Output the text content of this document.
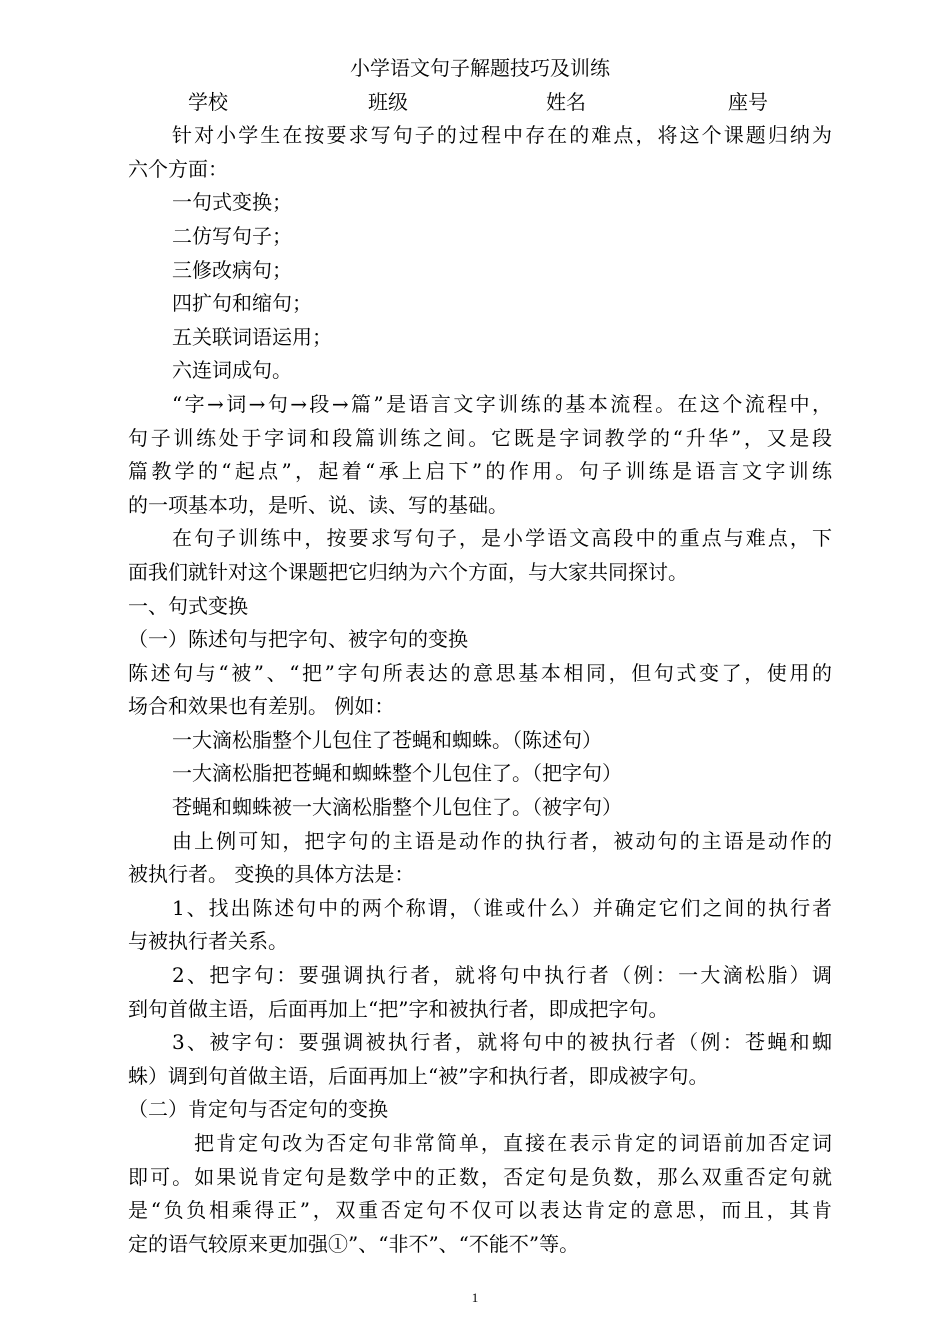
小学语文句子解题技巧及训练
学校	班级	姓名	座号
针对小学生在按要求写句子的过程中存在的难点，将这个课题归纳为
六个方面：
一句式变换；
二仿写句子；
三修改病句；
四扩句和缩句；
五关联词语运用；
六连词成句。
“字→词→句→段→篇”是语言文字训练的基本流程。在这个流程中，
句子训练处于字词和段篇训练之间。它既是字词教学的“升华”，又是段
篇教学的“起点”，起着“承上启下”的作用。句子训练是语言文字训练
的一项基本功，是听、说、读、写的基础。
在句子训练中，按要求写句子，是小学语文高段中的重点与难点，下
面我们就针对这个课题把它归纳为六个方面，与大家共同探讨。
一、句式变换
（一）陈述句与把字句、被字句的变换
陈述句与“被”、“把”字句所表达的意思基本相同，但句式变了，使用的
场合和效果也有差别。 例如：
一大滴松脂整个儿包住了苍蝇和蜘蛛。（陈述句）
一大滴松脂把苍蝇和蜘蛛整个儿包住了。（把字句）
苍蝇和蜘蛛被一大滴松脂整个儿包住了。（被字句）
由上例可知，把字句的主语是动作的执行者，被动句的主语是动作的
被执行者。 变换的具体方法是：
1、找出陈述句中的两个称谓，（谁或什么）并确定它们之间的执行者
与被执行者关系。
2、把字句：要强调执行者，就将句中执行者（例：一大滴松脂）调
到句首做主语，后面再加上“把”字和被执行者，即成把字句。
3、被字句：要强调被执行者，就将句中的被执行者（例：苍蝇和蜘
蛛）调到句首做主语，后面再加上“被”字和执行者，即成被字句。
（二）肯定句与否定句的变换
把肯定句改为否定句非常简单，直接在表示肯定的词语前加否定词
即可。如果说肯定句是数学中的正数，否定句是负数，那么双重否定句就
是“负负相乘得正”，双重否定句不仅可以表达肯定的意思，而且，其肯
定的语气较原来更加强①”、“非不”、“不能不”等。
1
